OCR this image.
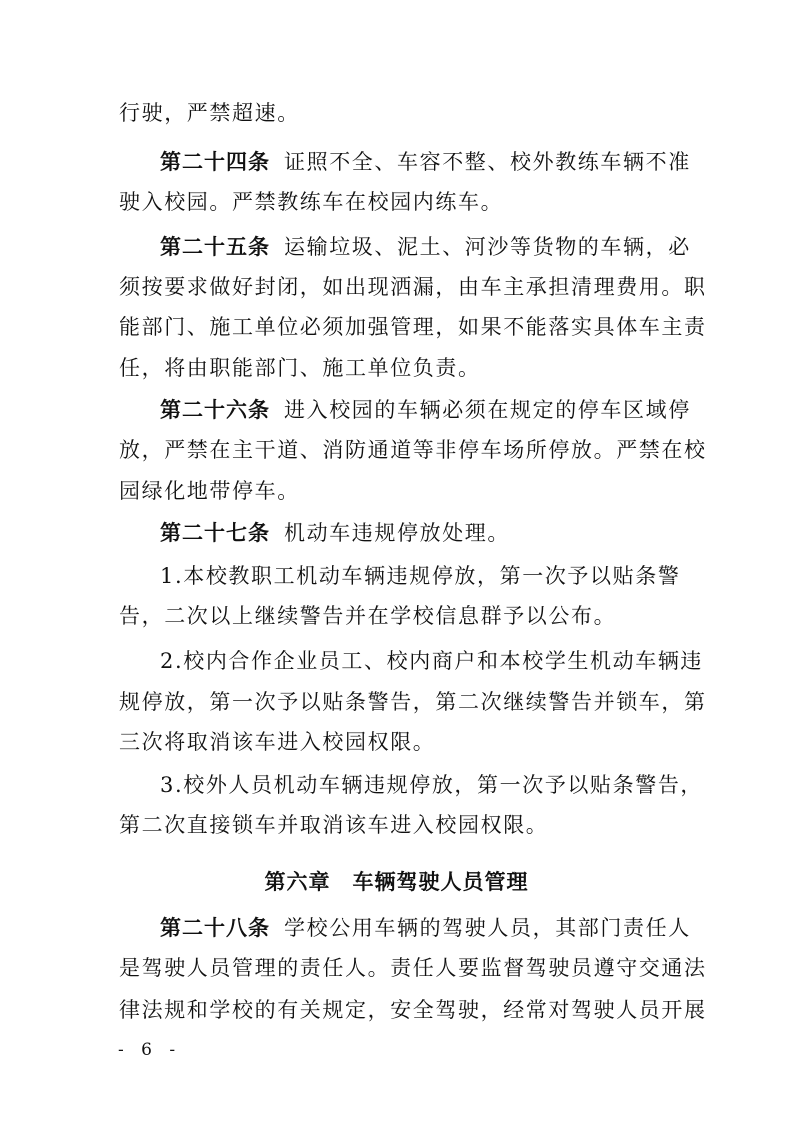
行驶，严禁超速。
第二十四条 证照不全、车容不整、校外教练车辆不准
驶入校园。严禁教练车在校园内练车。
第二十五条 运输垃圾、泥土、河沙等货物的车辆，必
须按要求做好封闭，如出现洒漏，由车主承担清理费用。职
能部门、施工单位必须加强管理，如果不能落实具体车主责
任，将由职能部门、施工单位负责。
第二十六条 进入校园的车辆必须在规定的停车区域停
放，严禁在主干道、消防通道等非停车场所停放。严禁在校
园绿化地带停车。
第二十七条 机动车违规停放处理。
1.本校教职工机动车辆违规停放，第一次予以贴条警
告，二次以上继续警告并在学校信息群予以公布。
2.校内合作企业员工、校内商户和本校学生机动车辆违
规停放，第一次予以贴条警告，第二次继续警告并锁车，第
三次将取消该车进入校园权限。
3.校外人员机动车辆违规停放，第一次予以贴条警告，
第二次直接锁车并取消该车进入校园权限。
第六章 车辆驾驶人员管理
第二十八条 学校公用车辆的驾驶人员，其部门责任人
是驾驶人员管理的责任人。责任人要监督驾驶员遵守交通法
律法规和学校的有关规定，安全驾驶，经常对驾驶人员开展
- 6 -
